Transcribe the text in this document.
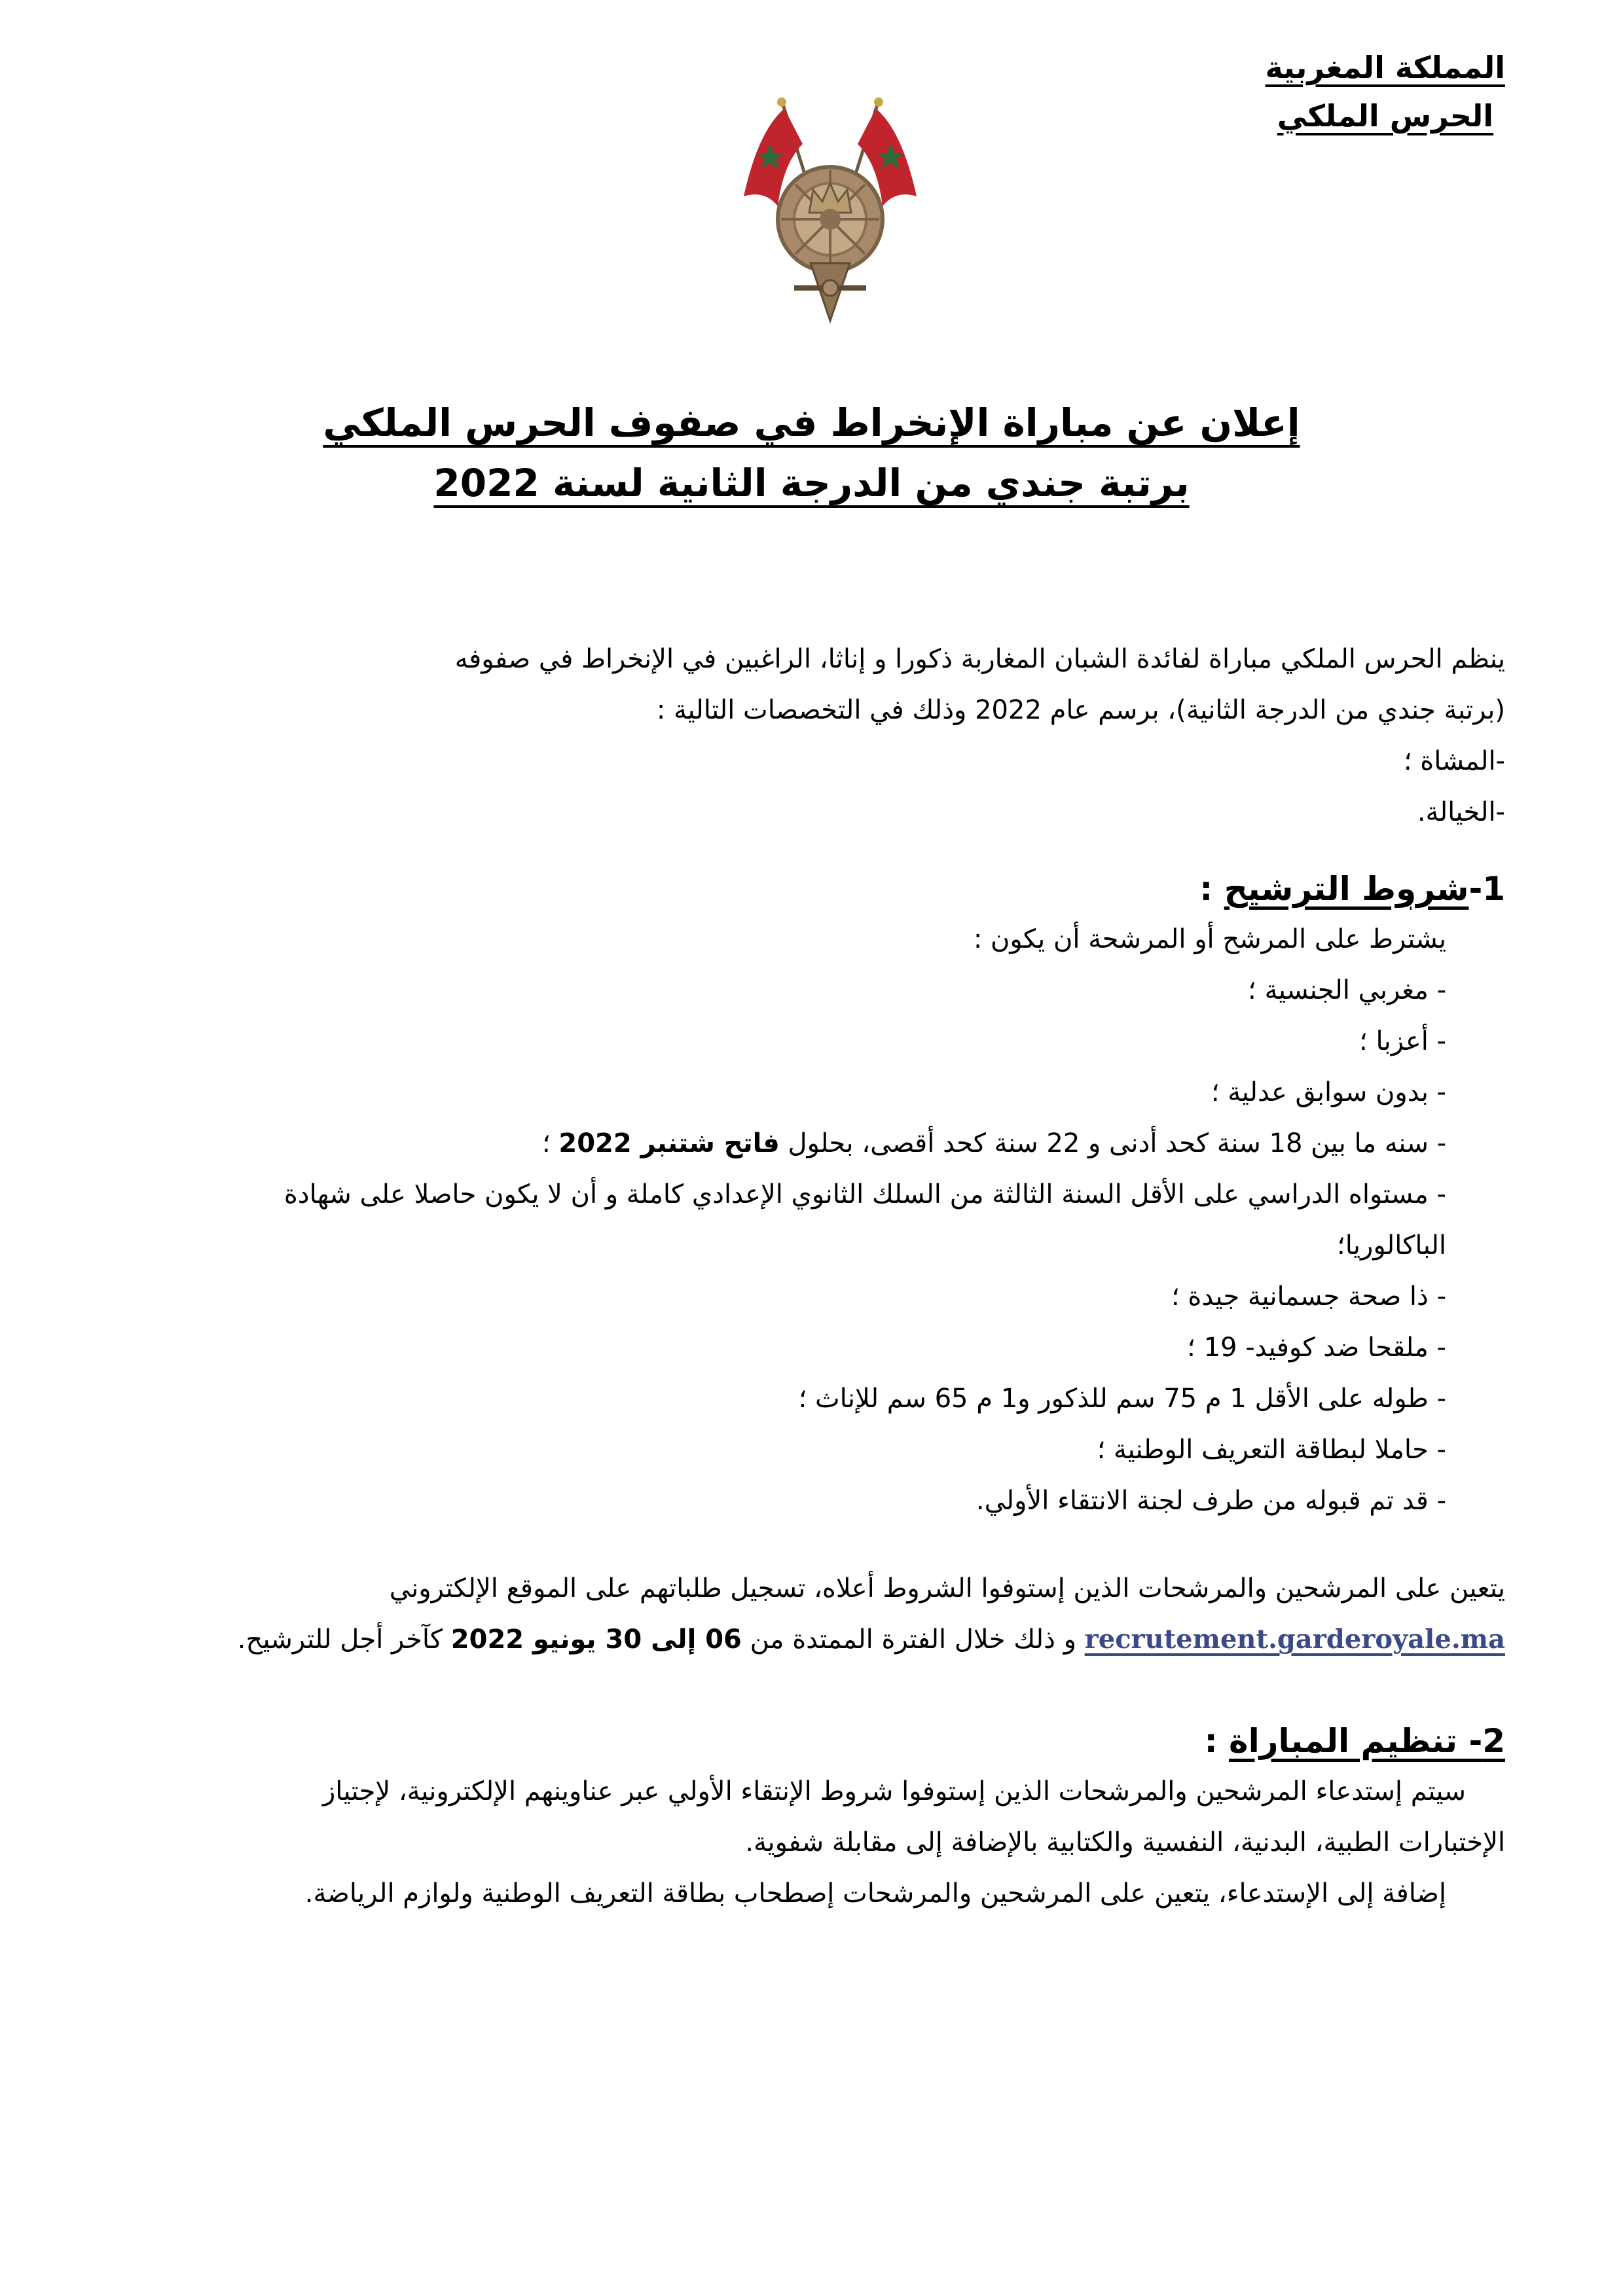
المملكة المغربية
الحرس الملكي
إعلان عن مباراة الإنخراط في صفوف الحرس الملكي
برتبة جندي من الدرجة الثانية لسنة 2022
ينظم الحرس الملكي مباراة لفائدة الشبان المغاربة ذكورا و إناثا، الراغبين في الإنخراط في صفوفه
(برتبة جندي من الدرجة الثانية)، برسم عام 2022 وذلك في التخصصات التالية :
-المشاة ؛
-الخيالة.
1-شروط الترشيح :
يشترط على المرشح أو المرشحة أن يكون :
- مغربي الجنسية ؛
- أعزبا ؛
- بدون سوابق عدلية ؛
- سنه ما بين 18 سنة كحد أدنى و 22 سنة كحد أقصى، بحلول فاتح شتنبر 2022 ؛
- مستواه الدراسي على الأقل السنة الثالثة من السلك الثانوي الإعدادي كاملة و أن لا يكون حاصلا على شهادة
الباكالوريا؛
- ذا صحة جسمانية جيدة ؛
- ملقحا ضد كوفيد- 19 ؛
- طوله على الأقل 1 م 75 سم للذكور و1 م 65 سم للإناث ؛
- حاملا لبطاقة التعريف الوطنية ؛
- قد تم قبوله من طرف لجنة الانتقاء الأولي.
يتعين على المرشحين والمرشحات الذين إستوفوا الشروط أعلاه، تسجيل طلباتهم على الموقع الإلكتروني
recrutement.garderoyale.ma و ذلك خلال الفترة الممتدة من 06 إلى 30 يونيو 2022 كآخر أجل للترشيح.
2- تنظيم المباراة :
سيتم إستدعاء المرشحين والمرشحات الذين إستوفوا شروط الإنتقاء الأولي عبر عناوينهم الإلكترونية، لإجتياز
الإختبارات الطبية، البدنية، النفسية والكتابية بالإضافة إلى مقابلة شفوية.
إضافة إلى الإستدعاء، يتعين على المرشحين والمرشحات إصطحاب بطاقة التعريف الوطنية ولوازم الرياضة.
